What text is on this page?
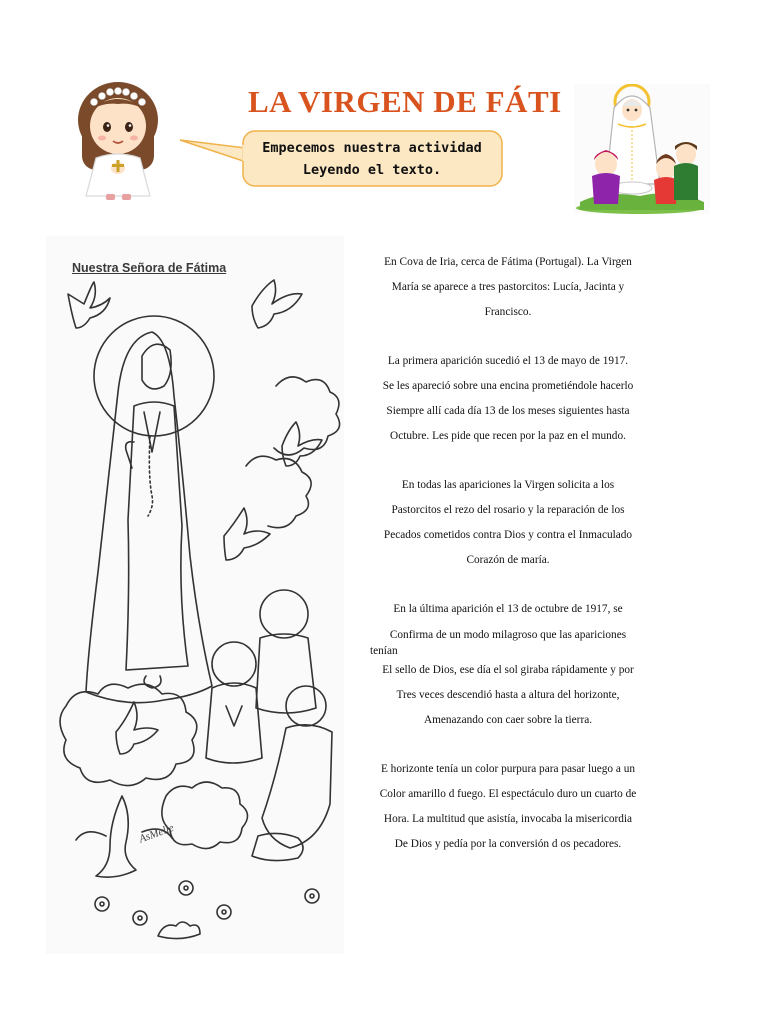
LA VIRGEN DE FÁTI
Empecemos nuestra actividad
Leyendo el texto.
AsMelle
Nuestra Señora de Fátima	En Cova de Iria, cerca de Fátima (Portugal). La Virgen
María se aparece a tres pastorcitos: Lucía, Jacinta y
Francisco.
La primera aparición sucedió el 13 de mayo de 1917.
Se les apareció sobre una encina prometiéndole hacerlo
Siempre allí cada día 13 de los meses siguientes hasta
Octubre. Les pide que recen por la paz en el mundo.
En todas las apariciones la Virgen solicita a los
Pastorcitos el rezo del rosario y la reparación de los
Pecados cometidos contra Dios y contra el Inmaculado
Corazón de maría.
En la última aparición el 13 de octubre de 1917, se
Confirma de un modo milagroso que las apariciones
tenían
El sello de Dios, ese día el sol giraba rápidamente y por
Tres veces descendió hasta a altura del horizonte,
Amenazando con caer sobre la tierra.
E horizonte tenía un color purpura para pasar luego a un
Color amarillo d fuego. El espectáculo duro un cuarto de
Hora. La multitud que asistía, invocaba la misericordia
De Dios y pedía por la conversión d os pecadores.
